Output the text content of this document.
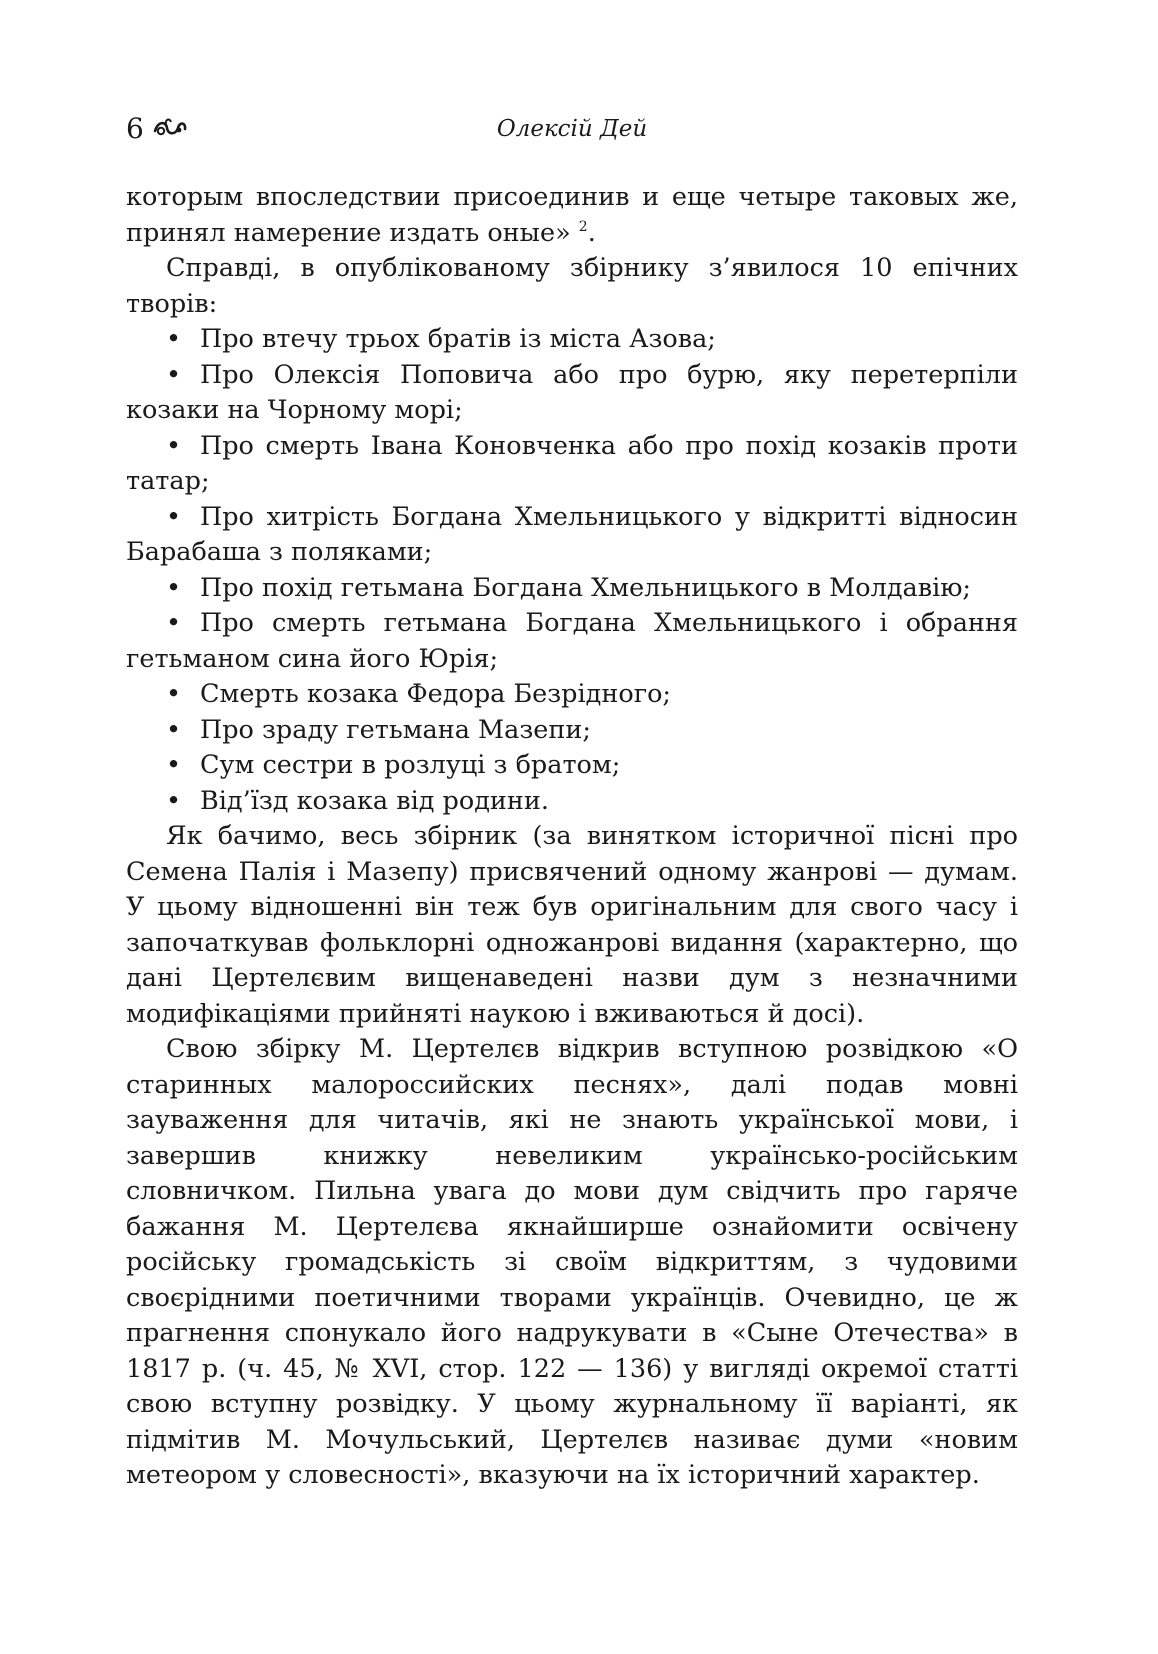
6	Олексій Дей

которым впоследствии присоединив и еще четыре таковых же, принял намерение издать оные» $^2$.

Справді, в опублікованому збірнику з’явилося 10 епічних творів:

• Про втечу трьох братів із міста Азова;
• Про Олексія Поповича або про бурю, яку перетерпіли козаки на Чорному морі;
• Про смерть Івана Коновченка або про похід козаків проти татар;
• Про хитрість Богдана Хмельницького у відкритті відносин Барабаша з поляками;
• Про похід гетьмана Богдана Хмельницького в Молдавію;
• Про смерть гетьмана Богдана Хмельницького і обрання гетьманом сина його Юрія;
• Смерть козака Федора Безрідного;
• Про зраду гетьмана Мазепи;
• Сум сестри в розлуці з братом;
• Від’їзд козака від родини.

Як бачимо, весь збірник (за винятком історичної пісні про Семена Палія і Мазепу) присвячений одному жанрові — думам. У цьому відношенні він теж був оригінальним для свого часу і започаткував фольклорні одножанрові видання (характерно, що дані Цертелєвим вищенаведені назви дум з незначними модифікаціями прийняті наукою і вживаються й досі).

Свою збірку М. Цертелєв відкрив вступною розвідкою «О старинных малороссийских песнях», далі подав мовні зауваження для читачів, які не знають української мови, і завершив книжку невеликим українсько-російським словничком. Пильна увага до мови дум свідчить про гаряче бажання М. Цертелєва якнайширше ознайомити освічену російську громадськість зі своїм відкриттям, з чудовими своєрідними поетичними творами українців. Очевидно, це ж прагнення спонукало його надрукувати в «Сыне Отечества» в 1817 р. (ч. 45, № XVI, стор. 122 — 136) у вигляді окремої статті свою вступну розвідку. У цьому журнальному її варіанті, як підмітив М. Мочульський, Цертелєв називає думи «новим метеором у словесності», вказуючи на їх історичний характер.
